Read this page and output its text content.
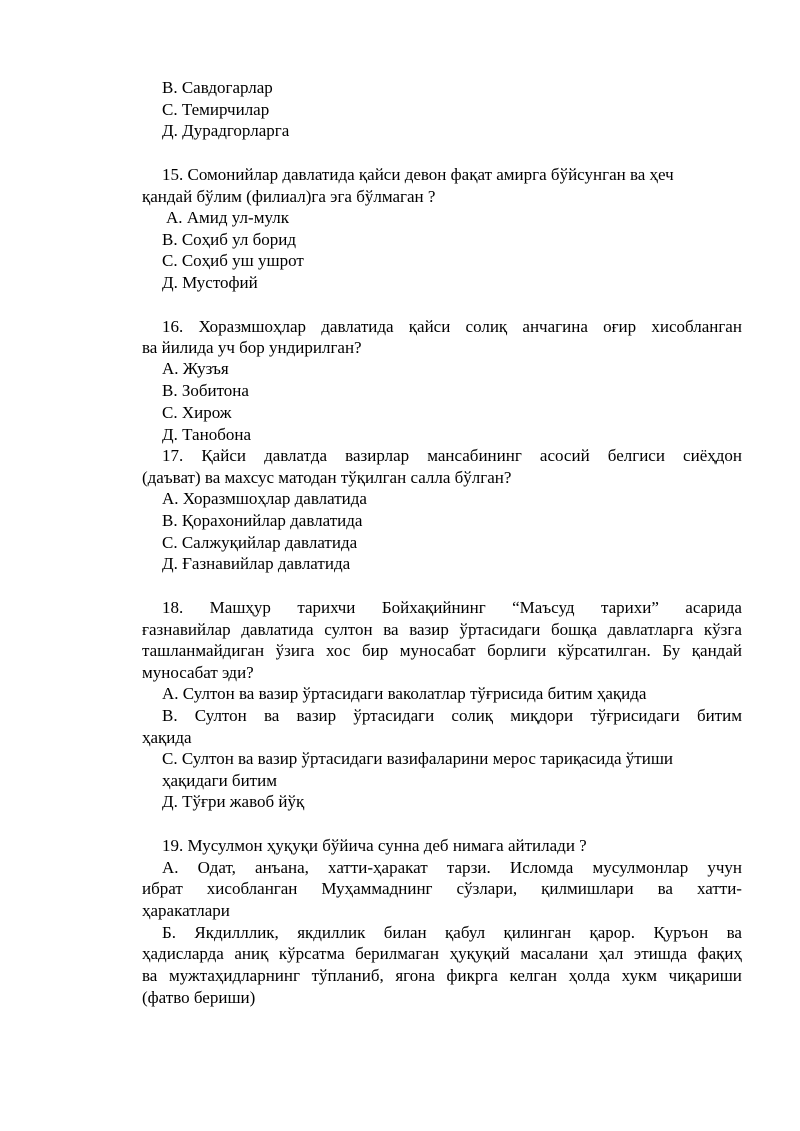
В. Савдогарлар
С. Темирчилар
Д. Дурадгорларга
15. Сомонийлар давлатида қайси девон фақат амирга бўйсунган ва ҳеч
қандай бўлим (филиал)га эга бўлмаган ?
А. Амид ул-мулк
В. Соҳиб ул борид
С. Соҳиб уш ушрот
Д. Мустофий
16. Хоразмшоҳлар давлатида қайси солиқ анчагина оғир хисобланган
ва йилида уч бор ундирилган?
А. Жузъя
В. Зобитона
С. Хирож
Д. Танобона
17. Қайси давлатда вазирлар мансабининг асосий белгиси сиёҳдон
(даъват) ва махсус матодан тўқилган салла бўлган?
А. Хоразмшоҳлар давлатида
В. Қорахонийлар давлатида
С. Салжуқийлар давлатида
Д. Ғазнавийлар давлатида
18. Машҳур тарихчи Бойхақийнинг “Маъсуд тарихи” асарида
ғазнавийлар давлатида султон ва вазир ўртасидаги бошқа давлатларга кўзга
ташланмайдиган ўзига хос бир муносабат борлиги кўрсатилган. Бу қандай
муносабат эди?
А. Султон ва вазир ўртасидаги ваколатлар тўғрисида битим ҳақида
В. Султон ва вазир ўртасидаги солиқ миқдори тўғрисидаги битим
ҳақида
С. Султон ва вазир ўртасидаги вазифаларини мерос тариқасида ўтиши
ҳақидаги битим
Д. Тўғри жавоб йўқ
19. Мусулмон ҳуқуқи бўйича сунна деб нимага айтилади ?
А. Одат, анъана, хатти-ҳаракат тарзи. Исломда мусулмонлар учун
ибрат хисобланган Муҳаммаднинг сўзлари, қилмишлари ва хатти-
ҳаракатлари
Б. Якдилллик, якдиллик билан қабул қилинган қарор. Қуръон ва
ҳадисларда аниқ кўрсатма берилмаган ҳуқуқий масалани ҳал этишда фақиҳ
ва мужтаҳидларнинг тўпланиб, ягона фикрга келган ҳолда хукм чиқариши
(фатво бериши)
